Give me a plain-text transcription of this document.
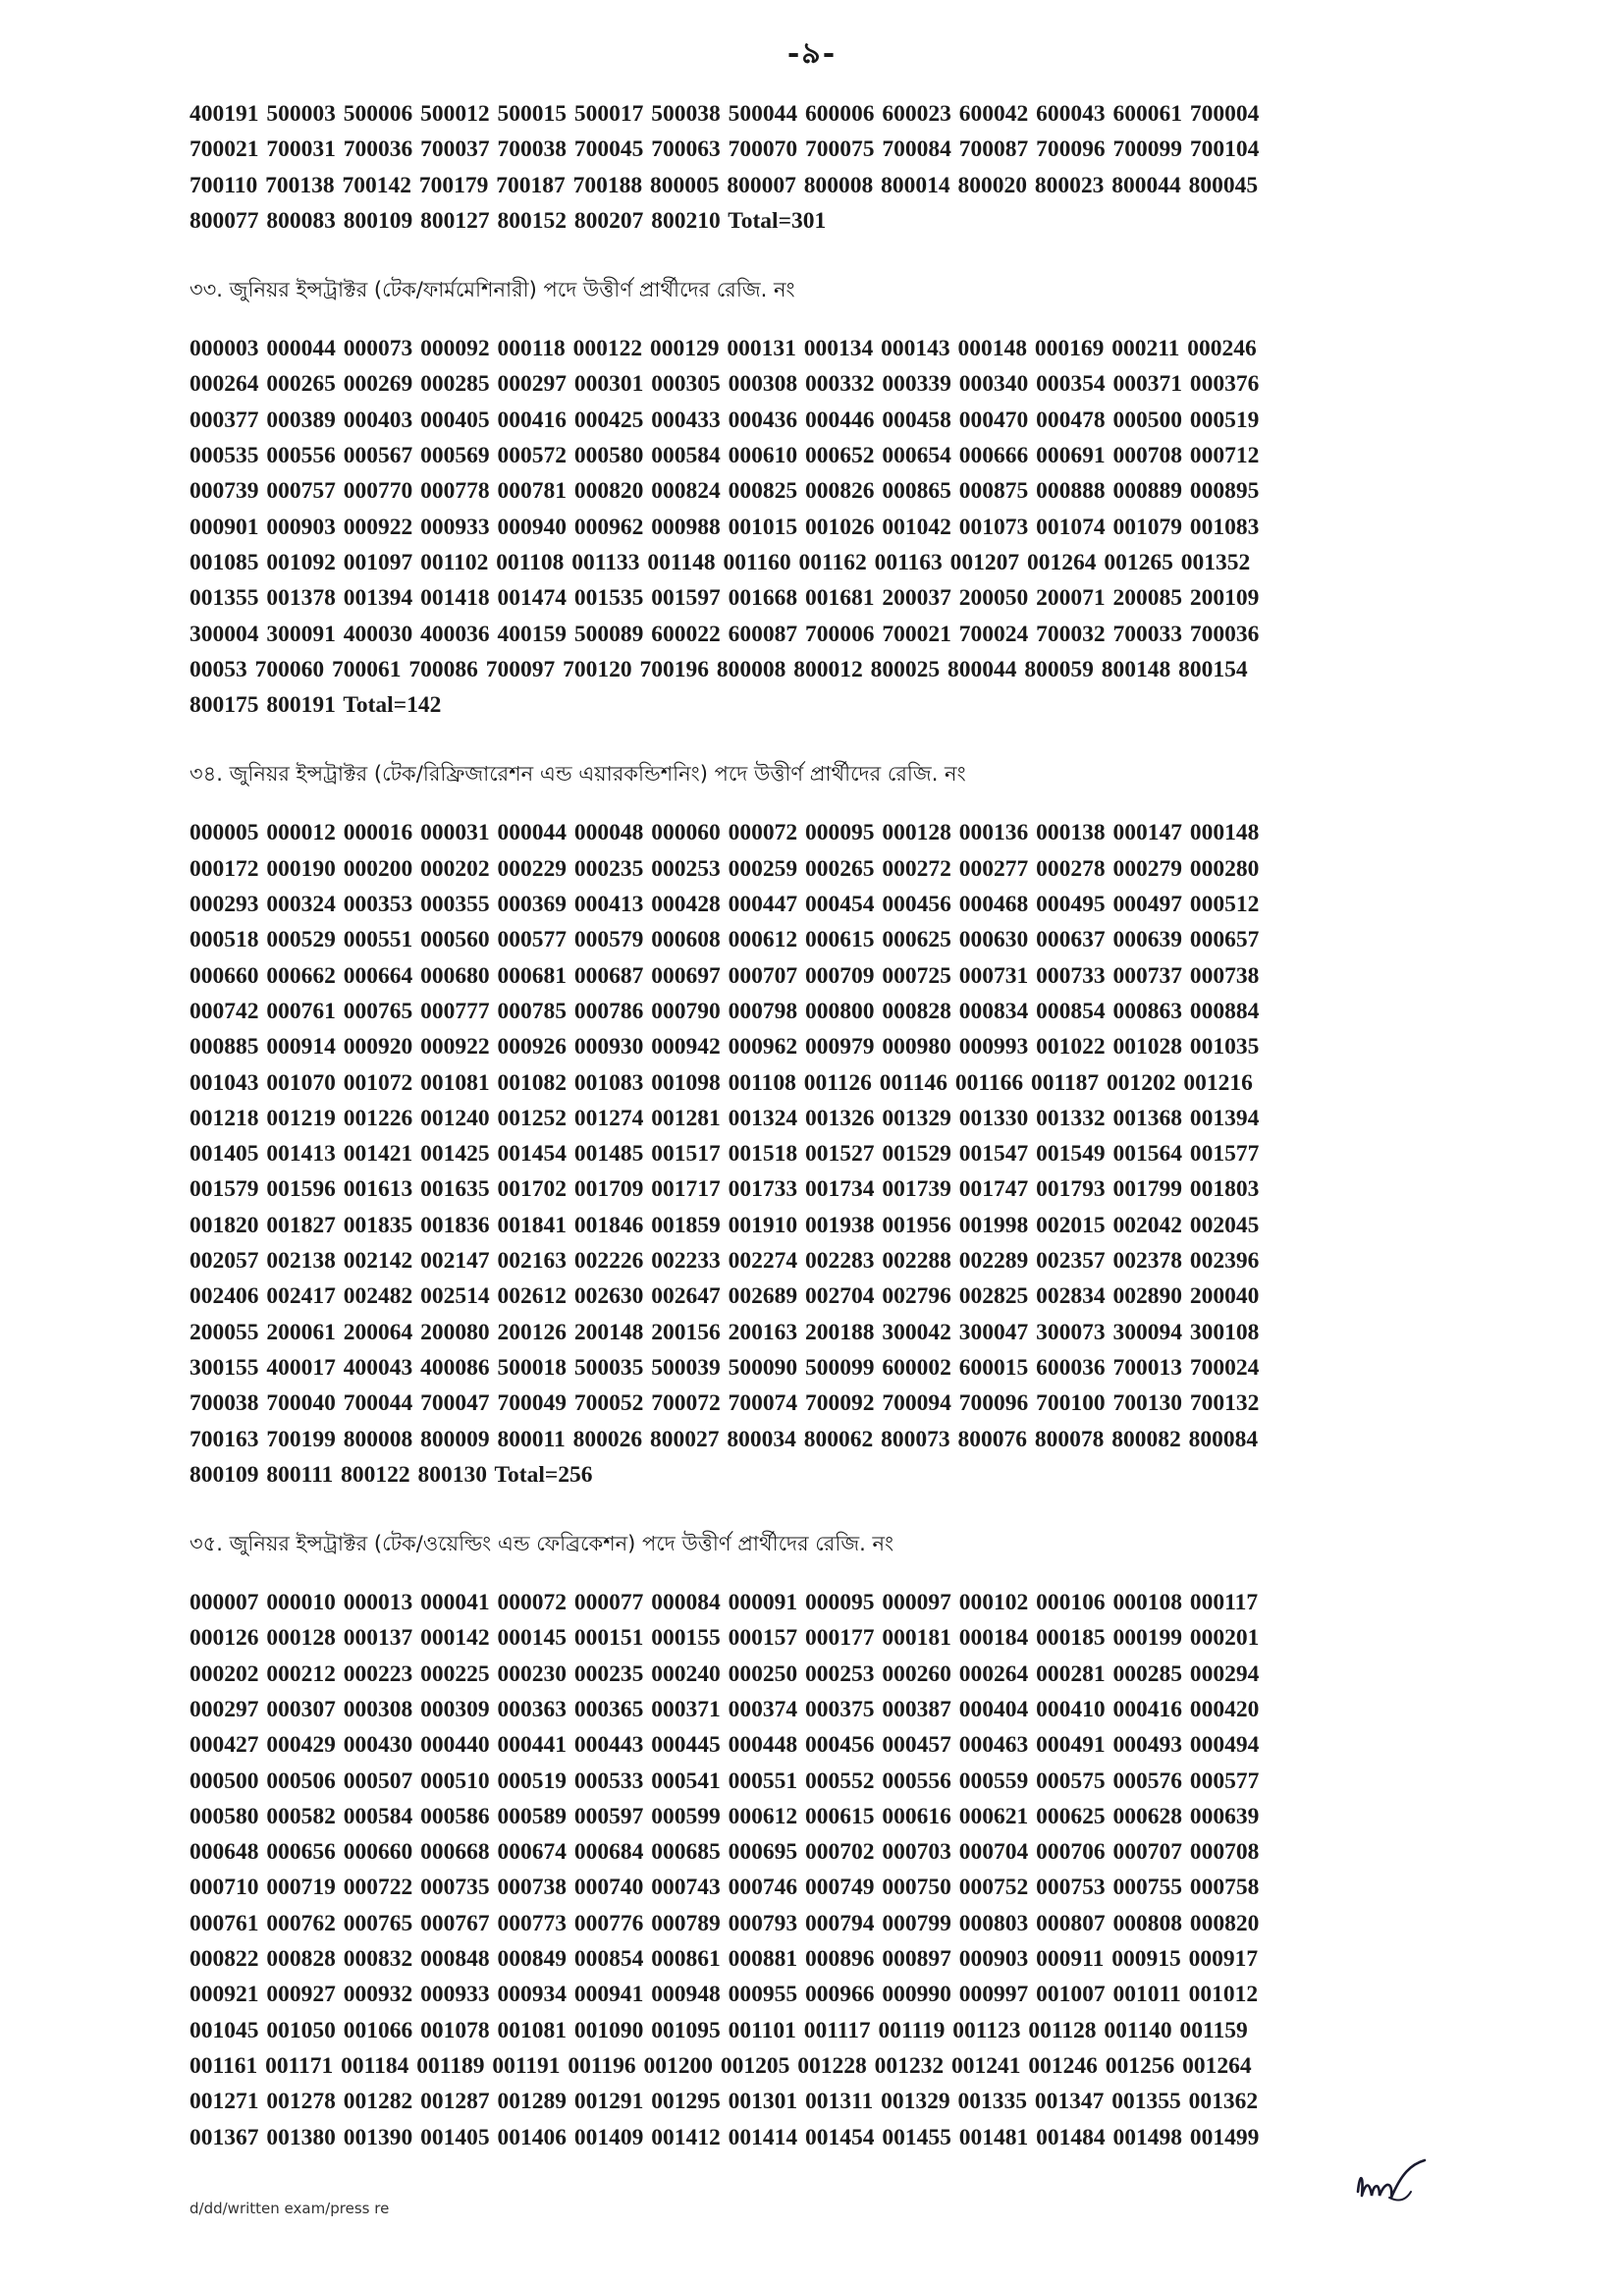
-৯-
400191 500003 500006 500012 500015 500017 500038 500044 600006 600023 600042 600043 600061 700004
700021 700031 700036 700037 700038 700045 700063 700070 700075 700084 700087 700096 700099 700104
700110 700138 700142 700179 700187 700188 800005 800007 800008 800014 800020 800023 800044 800045
800077 800083 800109 800127 800152 800207 800210 Total=301
৩৩. জুনিয়র ইন্সট্রাক্টর (টেক/ফার্মমেশিনারী) পদে উত্তীর্ণ প্রার্থীদের রেজি. নং
000003 000044 000073 000092 000118 000122 000129 000131 000134 000143 000148 000169 000211 000246
000264 000265 000269 000285 000297 000301 000305 000308 000332 000339 000340 000354 000371 000376
000377 000389 000403 000405 000416 000425 000433 000436 000446 000458 000470 000478 000500 000519
000535 000556 000567 000569 000572 000580 000584 000610 000652 000654 000666 000691 000708 000712
000739 000757 000770 000778 000781 000820 000824 000825 000826 000865 000875 000888 000889 000895
000901 000903 000922 000933 000940 000962 000988 001015 001026 001042 001073 001074 001079 001083
001085 001092 001097 001102 001108 001133 001148 001160 001162 001163 001207 001264 001265 001352
001355 001378 001394 001418 001474 001535 001597 001668 001681 200037 200050 200071 200085 200109
300004 300091 400030 400036 400159 500089 600022 600087 700006 700021 700024 700032 700033 700036
00053 700060 700061 700086 700097 700120 700196 800008 800012 800025 800044 800059 800148 800154
800175 800191 Total=142
৩৪. জুনিয়র ইন্সট্রাক্টর (টেক/রিফ্রিজারেশন এন্ড এয়ারকন্ডিশনিং) পদে উত্তীর্ণ প্রার্থীদের রেজি. নং
000005 000012 000016 000031 000044 000048 000060 000072 000095 000128 000136 000138 000147 000148
000172 000190 000200 000202 000229 000235 000253 000259 000265 000272 000277 000278 000279 000280
000293 000324 000353 000355 000369 000413 000428 000447 000454 000456 000468 000495 000497 000512
000518 000529 000551 000560 000577 000579 000608 000612 000615 000625 000630 000637 000639 000657
000660 000662 000664 000680 000681 000687 000697 000707 000709 000725 000731 000733 000737 000738
000742 000761 000765 000777 000785 000786 000790 000798 000800 000828 000834 000854 000863 000884
000885 000914 000920 000922 000926 000930 000942 000962 000979 000980 000993 001022 001028 001035
001043 001070 001072 001081 001082 001083 001098 001108 001126 001146 001166 001187 001202 001216
001218 001219 001226 001240 001252 001274 001281 001324 001326 001329 001330 001332 001368 001394
001405 001413 001421 001425 001454 001485 001517 001518 001527 001529 001547 001549 001564 001577
001579 001596 001613 001635 001702 001709 001717 001733 001734 001739 001747 001793 001799 001803
001820 001827 001835 001836 001841 001846 001859 001910 001938 001956 001998 002015 002042 002045
002057 002138 002142 002147 002163 002226 002233 002274 002283 002288 002289 002357 002378 002396
002406 002417 002482 002514 002612 002630 002647 002689 002704 002796 002825 002834 002890 200040
200055 200061 200064 200080 200126 200148 200156 200163 200188 300042 300047 300073 300094 300108
300155 400017 400043 400086 500018 500035 500039 500090 500099 600002 600015 600036 700013 700024
700038 700040 700044 700047 700049 700052 700072 700074 700092 700094 700096 700100 700130 700132
700163 700199 800008 800009 800011 800026 800027 800034 800062 800073 800076 800078 800082 800084
800109 800111 800122 800130 Total=256
৩৫. জুনিয়র ইন্সট্রাক্টর (টেক/ওয়েল্ডিং এন্ড ফেব্রিকেশন) পদে উত্তীর্ণ প্রার্থীদের রেজি. নং
000007 000010 000013 000041 000072 000077 000084 000091 000095 000097 000102 000106 000108 000117
000126 000128 000137 000142 000145 000151 000155 000157 000177 000181 000184 000185 000199 000201
000202 000212 000223 000225 000230 000235 000240 000250 000253 000260 000264 000281 000285 000294
000297 000307 000308 000309 000363 000365 000371 000374 000375 000387 000404 000410 000416 000420
000427 000429 000430 000440 000441 000443 000445 000448 000456 000457 000463 000491 000493 000494
000500 000506 000507 000510 000519 000533 000541 000551 000552 000556 000559 000575 000576 000577
000580 000582 000584 000586 000589 000597 000599 000612 000615 000616 000621 000625 000628 000639
000648 000656 000660 000668 000674 000684 000685 000695 000702 000703 000704 000706 000707 000708
000710 000719 000722 000735 000738 000740 000743 000746 000749 000750 000752 000753 000755 000758
000761 000762 000765 000767 000773 000776 000789 000793 000794 000799 000803 000807 000808 000820
000822 000828 000832 000848 000849 000854 000861 000881 000896 000897 000903 000911 000915 000917
000921 000927 000932 000933 000934 000941 000948 000955 000966 000990 000997 001007 001011 001012
001045 001050 001066 001078 001081 001090 001095 001101 001117 001119 001123 001128 001140 001159
001161 001171 001184 001189 001191 001196 001200 001205 001228 001232 001241 001246 001256 001264
001271 001278 001282 001287 001289 001291 001295 001301 001311 001329 001335 001347 001355 001362
001367 001380 001390 001405 001406 001409 001412 001414 001454 001455 001481 001484 001498 001499
d/dd/written exam/press re
